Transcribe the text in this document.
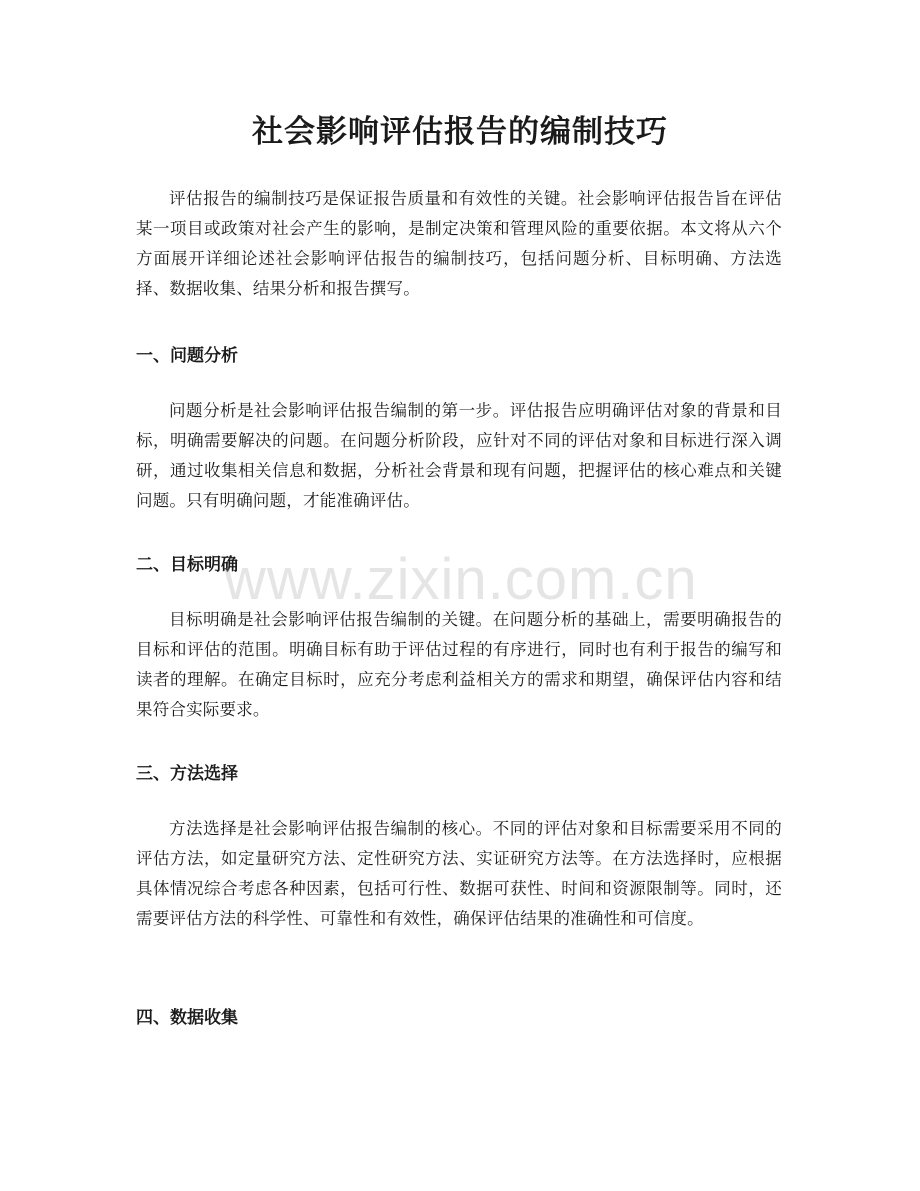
社会影响评估报告的编制技巧

评估报告的编制技巧是保证报告质量和有效性的关键。社会影响评估报告旨在评估某一项目或政策对社会产生的影响，是制定决策和管理风险的重要依据。本文将从六个方面展开详细论述社会影响评估报告的编制技巧，包括问题分析、目标明确、方法选择、数据收集、结果分析和报告撰写。

一、问题分析

问题分析是社会影响评估报告编制的第一步。评估报告应明确评估对象的背景和目标，明确需要解决的问题。在问题分析阶段，应针对不同的评估对象和目标进行深入调研，通过收集相关信息和数据，分析社会背景和现有问题，把握评估的核心难点和关键问题。只有明确问题，才能准确评估。

二、目标明确

目标明确是社会影响评估报告编制的关键。在问题分析的基础上，需要明确报告的目标和评估的范围。明确目标有助于评估过程的有序进行，同时也有利于报告的编写和读者的理解。在确定目标时，应充分考虑利益相关方的需求和期望，确保评估内容和结果符合实际要求。

三、方法选择

方法选择是社会影响评估报告编制的核心。不同的评估对象和目标需要采用不同的评估方法，如定量研究方法、定性研究方法、实证研究方法等。在方法选择时，应根据具体情况综合考虑各种因素，包括可行性、数据可获性、时间和资源限制等。同时，还需要评估方法的科学性、可靠性和有效性，确保评估结果的准确性和可信度。

四、数据收集
www.zixin.com.cn
